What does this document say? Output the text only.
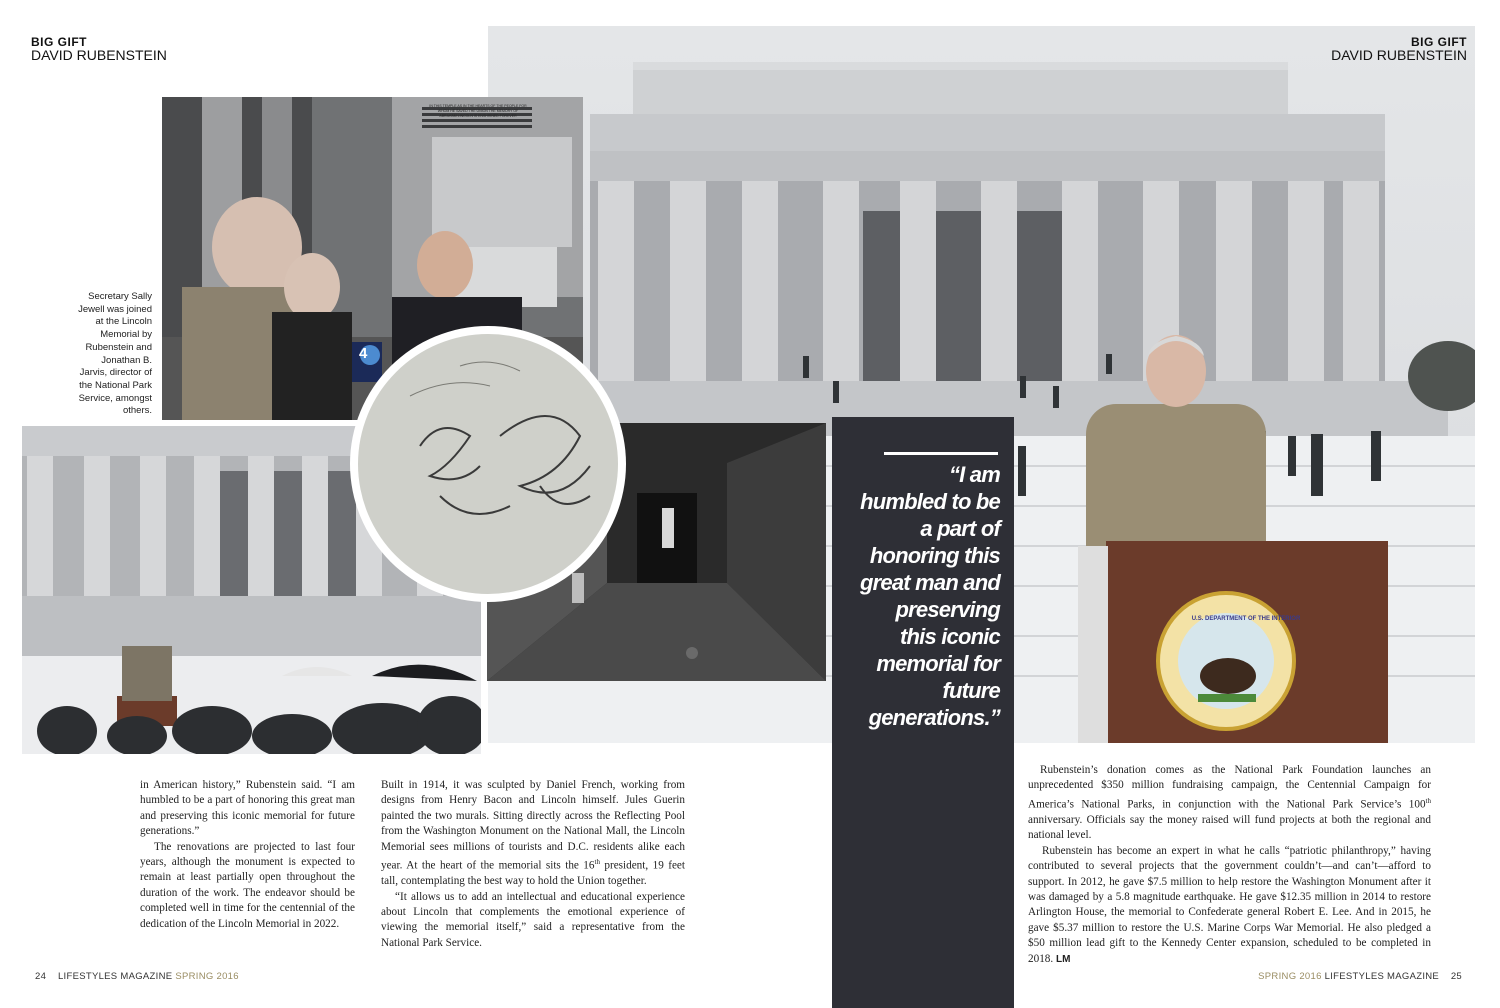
BIG GIFT
DAVID RUBENSTEIN
BIG GIFT
DAVID RUBENSTEIN
Secretary Sally Jewell was joined at the Lincoln Memorial by Rubenstein and Jonathan B. Jarvis, director of the National Park Service, amongst others.
“I am humbled to be a part of honoring this great man and preserving this iconic memorial for future generations.”

in American history,” Rubenstein said. “I am humbled to be a part of honoring this great man and preserving this iconic memorial for future generations.”

The renovations are projected to last four years, although the monument is expected to remain at least partially open throughout the duration of the work. The endeavor should be completed well in time for the centennial of the dedication of the Lincoln Memorial in 2022.

Built in 1914, it was sculpted by Daniel French, working from designs from Henry Bacon and Lincoln himself. Jules Guerin painted the two murals. Sitting directly across the Reflecting Pool from the Washington Monument on the National Mall, the Lincoln Memorial sees millions of tourists and D.C. residents alike each year. At the heart of the memorial sits the 16th president, 19 feet tall, contemplating the best way to hold the Union together.

“It allows us to add an intellectual and educational experience about Lincoln that complements the emotional experience of viewing the memorial itself,” said a representative from the National Park Service.

Rubenstein’s donation comes as the National Park Foundation launches an unprecedented $350 million fundraising campaign, the Centennial Campaign for America’s National Parks, in conjunction with the National Park Service’s 100th anniversary. Officials say the money raised will fund projects at both the regional and national level.

Rubenstein has become an expert in what he calls “patriotic philanthropy,” having contributed to several projects that the government couldn’t—and can’t—afford to support. In 2012, he gave $7.5 million to help restore the Washington Monument after it was damaged by a 5.8 magnitude earthquake. He gave $12.35 million in 2014 to restore Arlington House, the memorial to Confederate general Robert E. Lee. And in 2015, he gave $5.37 million to restore the U.S. Marine Corps War Memorial. He also pledged a $50 million lead gift to the Kennedy Center expansion, scheduled to be completed in 2018. LM

24 LIFESTYLES MAGAZINE SPRING 2016	SPRING 2016 LIFESTYLES MAGAZINE 25
IN THIS TEMPLE AS IN THE HEARTS OF THE PEOPLE FOR WHOM HE SAVED THE UNION THE MEMORY OF ABRAHAM LINCOLN IS ENSHRINED FOREVER
4
U.S. DEPARTMENT OF THE INTERIOR
